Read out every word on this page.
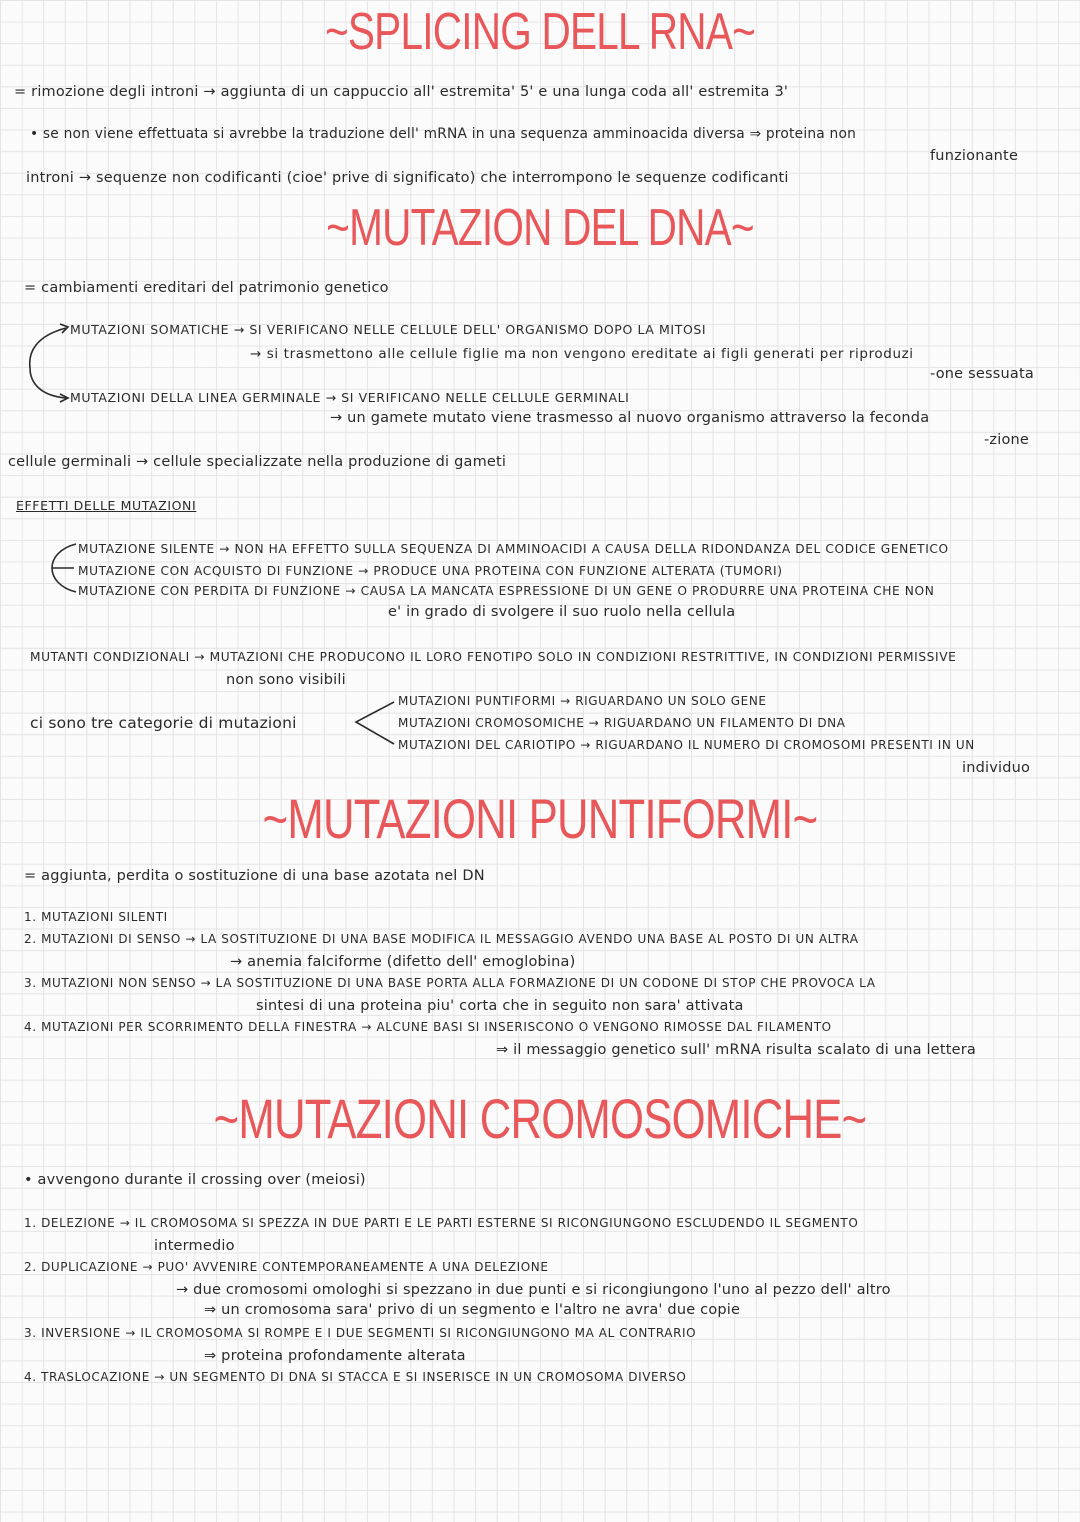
~SPLICING DELL RNA~
= rimozione degli introni → aggiunta di un cappuccio all' estremita' 5' e una lunga coda all' estremita 3'
• se non viene effettuata si avrebbe la traduzione dell' mRNA in una sequenza amminoacida diversa ⇒ proteina non
funzionante
introni → sequenze non codificanti (cioe' prive di significato) che interrompono le sequenze codificanti
~MUTAZION DEL DNA~
= cambiamenti ereditari del patrimonio genetico
MUTAZIONI SOMATICHE → SI VERIFICANO NELLE CELLULE DELL' ORGANISMO DOPO LA MITOSI
→ si trasmettono alle cellule figlie ma non vengono ereditate ai figli generati per riproduzi
-one sessuata
MUTAZIONI DELLA LINEA GERMINALE → SI VERIFICANO NELLE CELLULE GERMINALI
→ un gamete mutato viene trasmesso al nuovo organismo attraverso la feconda
-zione
cellule germinali → cellule specializzate nella produzione di gameti
EFFETTI DELLE MUTAZIONI
MUTAZIONE SILENTE → NON HA EFFETTO SULLA SEQUENZA DI AMMINOACIDI A CAUSA DELLA RIDONDANZA DEL CODICE GENETICO
MUTAZIONE CON ACQUISTO DI FUNZIONE → PRODUCE UNA PROTEINA CON FUNZIONE ALTERATA (TUMORI)
MUTAZIONE CON PERDITA DI FUNZIONE → CAUSA LA MANCATA ESPRESSIONE DI UN GENE O PRODURRE UNA PROTEINA CHE NON
e' in grado di svolgere il suo ruolo nella cellula
MUTANTI CONDIZIONALI → MUTAZIONI CHE PRODUCONO IL LORO FENOTIPO SOLO IN CONDIZIONI RESTRITTIVE, IN CONDIZIONI PERMISSIVE
non sono visibili
ci sono tre categorie di mutazioni
MUTAZIONI PUNTIFORMI → RIGUARDANO UN SOLO GENE
MUTAZIONI CROMOSOMICHE → RIGUARDANO UN FILAMENTO DI DNA
MUTAZIONI DEL CARIOTIPO → RIGUARDANO IL NUMERO DI CROMOSOMI PRESENTI IN UN
individuo
~MUTAZIONI PUNTIFORMI~
= aggiunta, perdita o sostituzione di una base azotata nel DN
1. MUTAZIONI SILENTI
2. MUTAZIONI DI SENSO → LA SOSTITUZIONE DI UNA BASE MODIFICA IL MESSAGGIO AVENDO UNA BASE AL POSTO DI UN ALTRA
→ anemia falciforme (difetto dell' emoglobina)
3. MUTAZIONI NON SENSO → LA SOSTITUZIONE DI UNA BASE PORTA ALLA FORMAZIONE DI UN CODONE DI STOP CHE PROVOCA LA
sintesi di una proteina piu' corta che in seguito non sara' attivata
4. MUTAZIONI PER SCORRIMENTO DELLA FINESTRA → ALCUNE BASI SI INSERISCONO O VENGONO RIMOSSE DAL FILAMENTO
⇒ il messaggio genetico sull' mRNA risulta scalato di una lettera
~MUTAZIONI CROMOSOMICHE~
• avvengono durante il crossing over (meiosi)
1. DELEZIONE → IL CROMOSOMA SI SPEZZA IN DUE PARTI E LE PARTI ESTERNE SI RICONGIUNGONO ESCLUDENDO IL SEGMENTO
intermedio
2. DUPLICAZIONE → PUO' AVVENIRE CONTEMPORANEAMENTE A UNA DELEZIONE
→ due cromosomi omologhi si spezzano in due punti e si ricongiungono l'uno al pezzo dell' altro
⇒ un cromosoma sara' privo di un segmento e l'altro ne avra' due copie
3. INVERSIONE → IL CROMOSOMA SI ROMPE E I DUE SEGMENTI SI RICONGIUNGONO MA AL CONTRARIO
⇒ proteina profondamente alterata
4. TRASLOCAZIONE → UN SEGMENTO DI DNA SI STACCA E SI INSERISCE IN UN CROMOSOMA DIVERSO
